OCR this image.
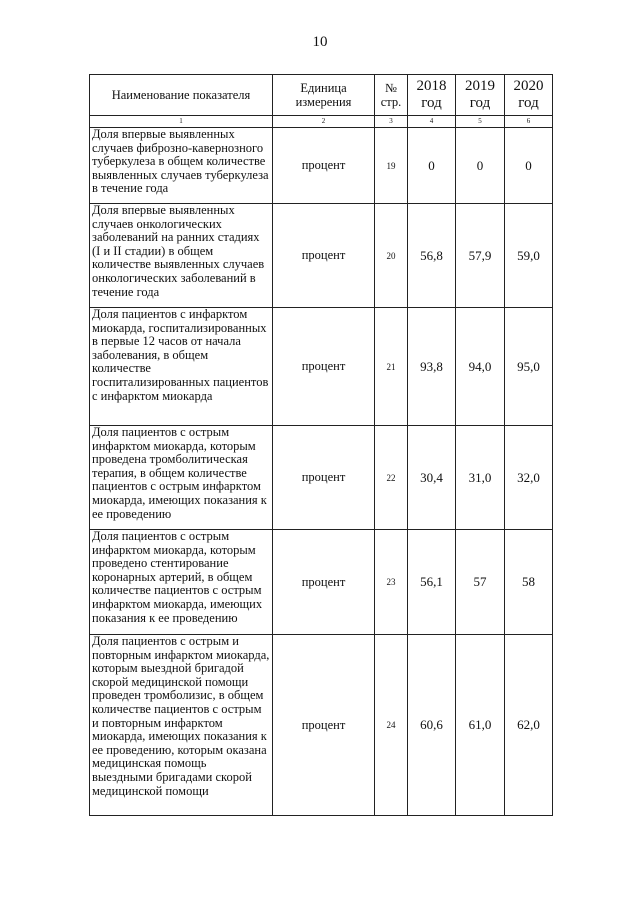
10
Наименование показателя	Единица измерения	№ стр.	2018 год	2019 год	2020 год
1	2	3	4	5	6
Доля впервые выявленных случаев фиброзно-кавернозного туберкулеза в общем количестве выявленных случаев туберкулеза в течение года	процент	19	0	0	0
Доля впервые выявленных случаев онкологических заболеваний на ранних стадиях (I и II стадии) в общем количестве выявленных случаев онкологических заболеваний в течение года	процент	20	56,8	57,9	59,0
Доля пациентов с инфарктом миокарда, госпитализированных в первые 12 часов от начала заболевания, в общем количестве госпитализированных пациентов с инфарктом миокарда	процент	21	93,8	94,0	95,0
Доля пациентов с острым инфарктом миокарда, которым проведена тромболитическая терапия, в общем количестве пациентов с острым инфарктом миокарда, имеющих показания к ее проведению	процент	22	30,4	31,0	32,0
Доля пациентов с острым инфарктом миокарда, которым проведено стентирование коронарных артерий, в общем количестве пациентов с острым инфарктом миокарда, имеющих показания к ее проведению	процент	23	56,1	57	58
Доля пациентов с острым и повторным инфарктом миокарда, которым выездной бригадой скорой медицинской помощи проведен тромболизис, в общем количестве пациентов с острым и повторным инфарктом миокарда, имеющих показания к ее проведению, которым оказана медицинская помощь выездными бригадами скорой медицинской помощи	процент	24	60,6	61,0	62,0
